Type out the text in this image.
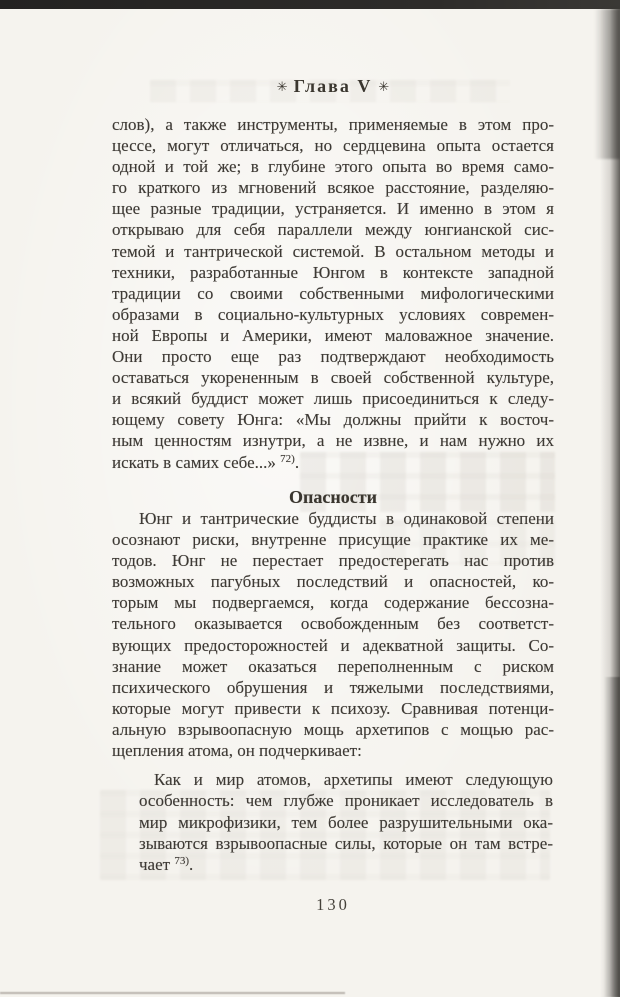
✳ Глава V ✳
слов), а также инструменты, применяемые в этом про-
цессе, могут отличаться, но сердцевина опыта остается
одной и той же; в глубине этого опыта во время само-
го краткого из мгновений всякое расстояние, разделяю-
щее разные традиции, устраняется. И именно в этом я
открываю для себя параллели между юнгианской сис-
темой и тантрической системой. В остальном методы и
техники, разработанные Юнгом в контексте западной
традиции со своими собственными мифологическими
образами в социально-культурных условиях современ-
ной Европы и Америки, имеют маловажное значение.
Они просто еще раз подтверждают необходимость
оставаться укорененным в своей собственной культуре,
и всякий буддист может лишь присоединиться к следу-
ющему совету Юнга: «Мы должны прийти к восточ-
ным ценностям изнутри, а не извне, и нам нужно их
искать в самих себе...» $^{72)}$.
Опасности
Юнг и тантрические буддисты в одинаковой степени
осознают риски, внутренне присущие практике их ме-
тодов. Юнг не перестает предостерегать нас против
возможных пагубных последствий и опасностей, ко-
торым мы подвергаемся, когда содержание бессозна-
тельного оказывается освобожденным без соответст-
вующих предосторожностей и адекватной защиты. Со-
знание может оказаться переполненным с риском
психического обрушения и тяжелыми последствиями,
которые могут привести к психозу. Сравнивая потенци-
альную взрывоопасную мощь архетипов с мощью рас-
щепления атома, он подчеркивает:
Как и мир атомов, архетипы имеют следующую
особенность: чем глубже проникает исследователь в
мир микрофизики, тем более разрушительными ока-
зываются взрывоопасные силы, которые он там встре-
чает $^{73)}$.
130
